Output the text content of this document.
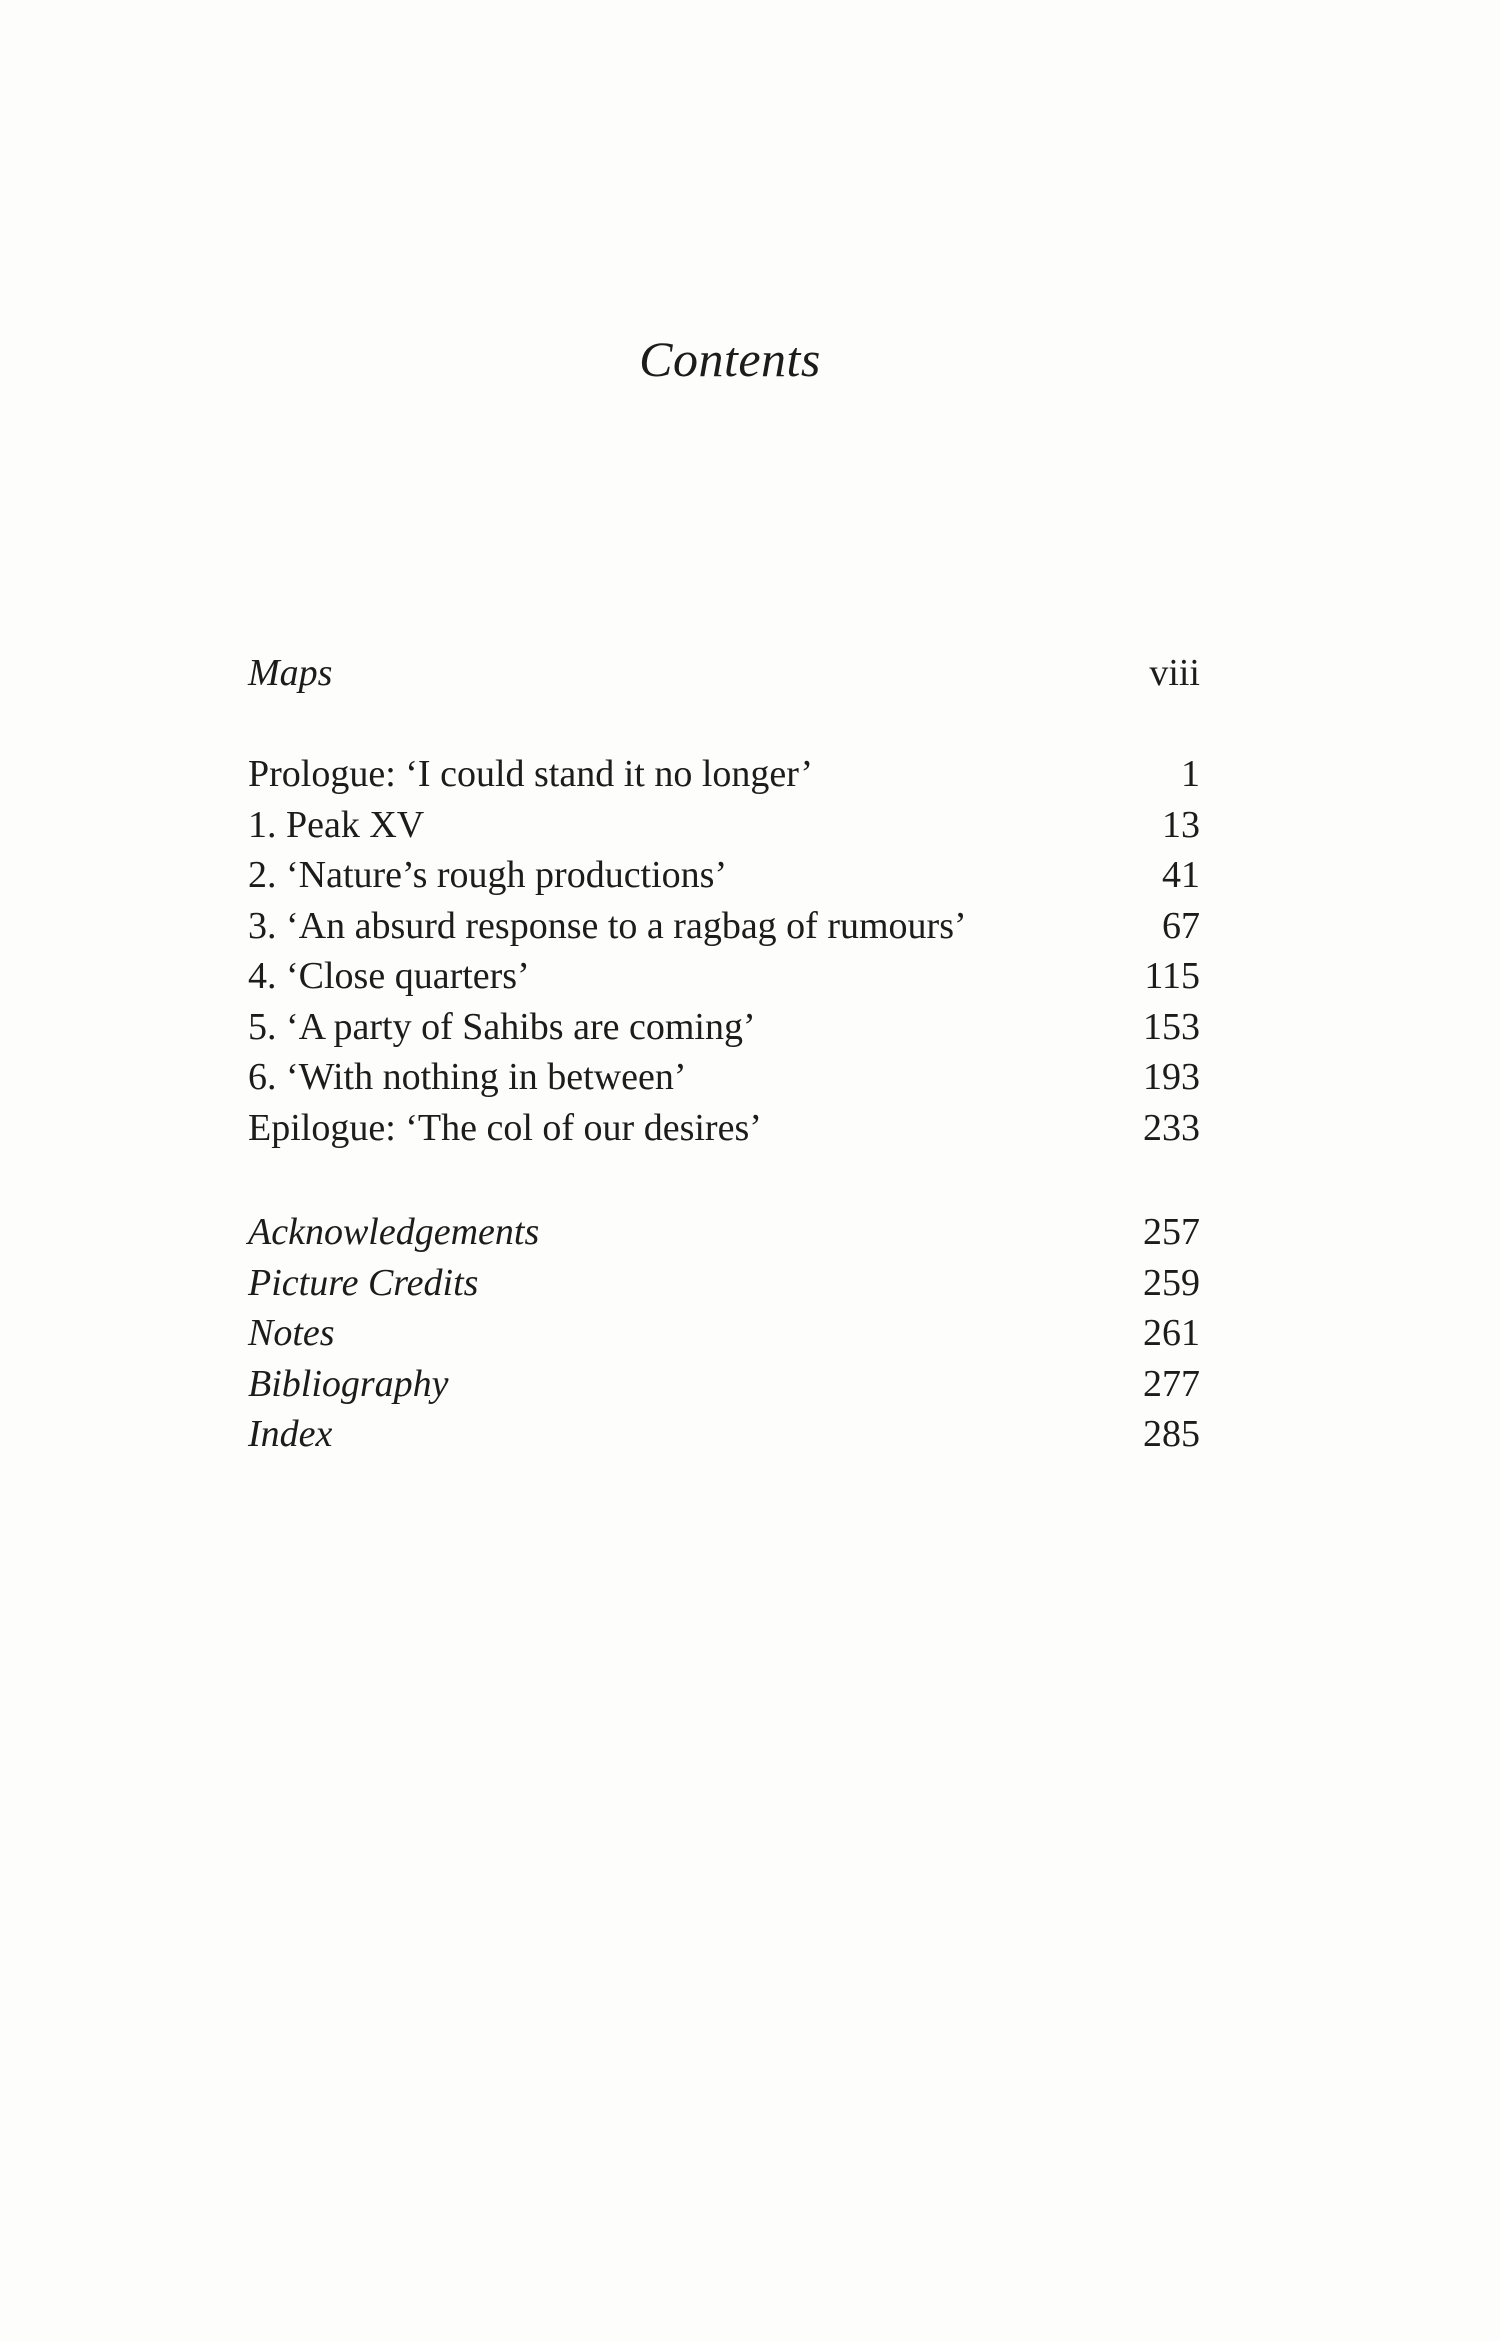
Contents
Maps	viii
Prologue: ‘I could stand it no longer’	1
1. Peak XV	13
2. ‘Nature’s rough productions’	41
3. ‘An absurd response to a ragbag of rumours’	67
4. ‘Close quarters’	115
5. ‘A party of Sahibs are coming’	153
6. ‘With nothing in between’	193
Epilogue: ‘The col of our desires’	233
Acknowledgements	257
Picture Credits	259
Notes	261
Bibliography	277
Index	285
